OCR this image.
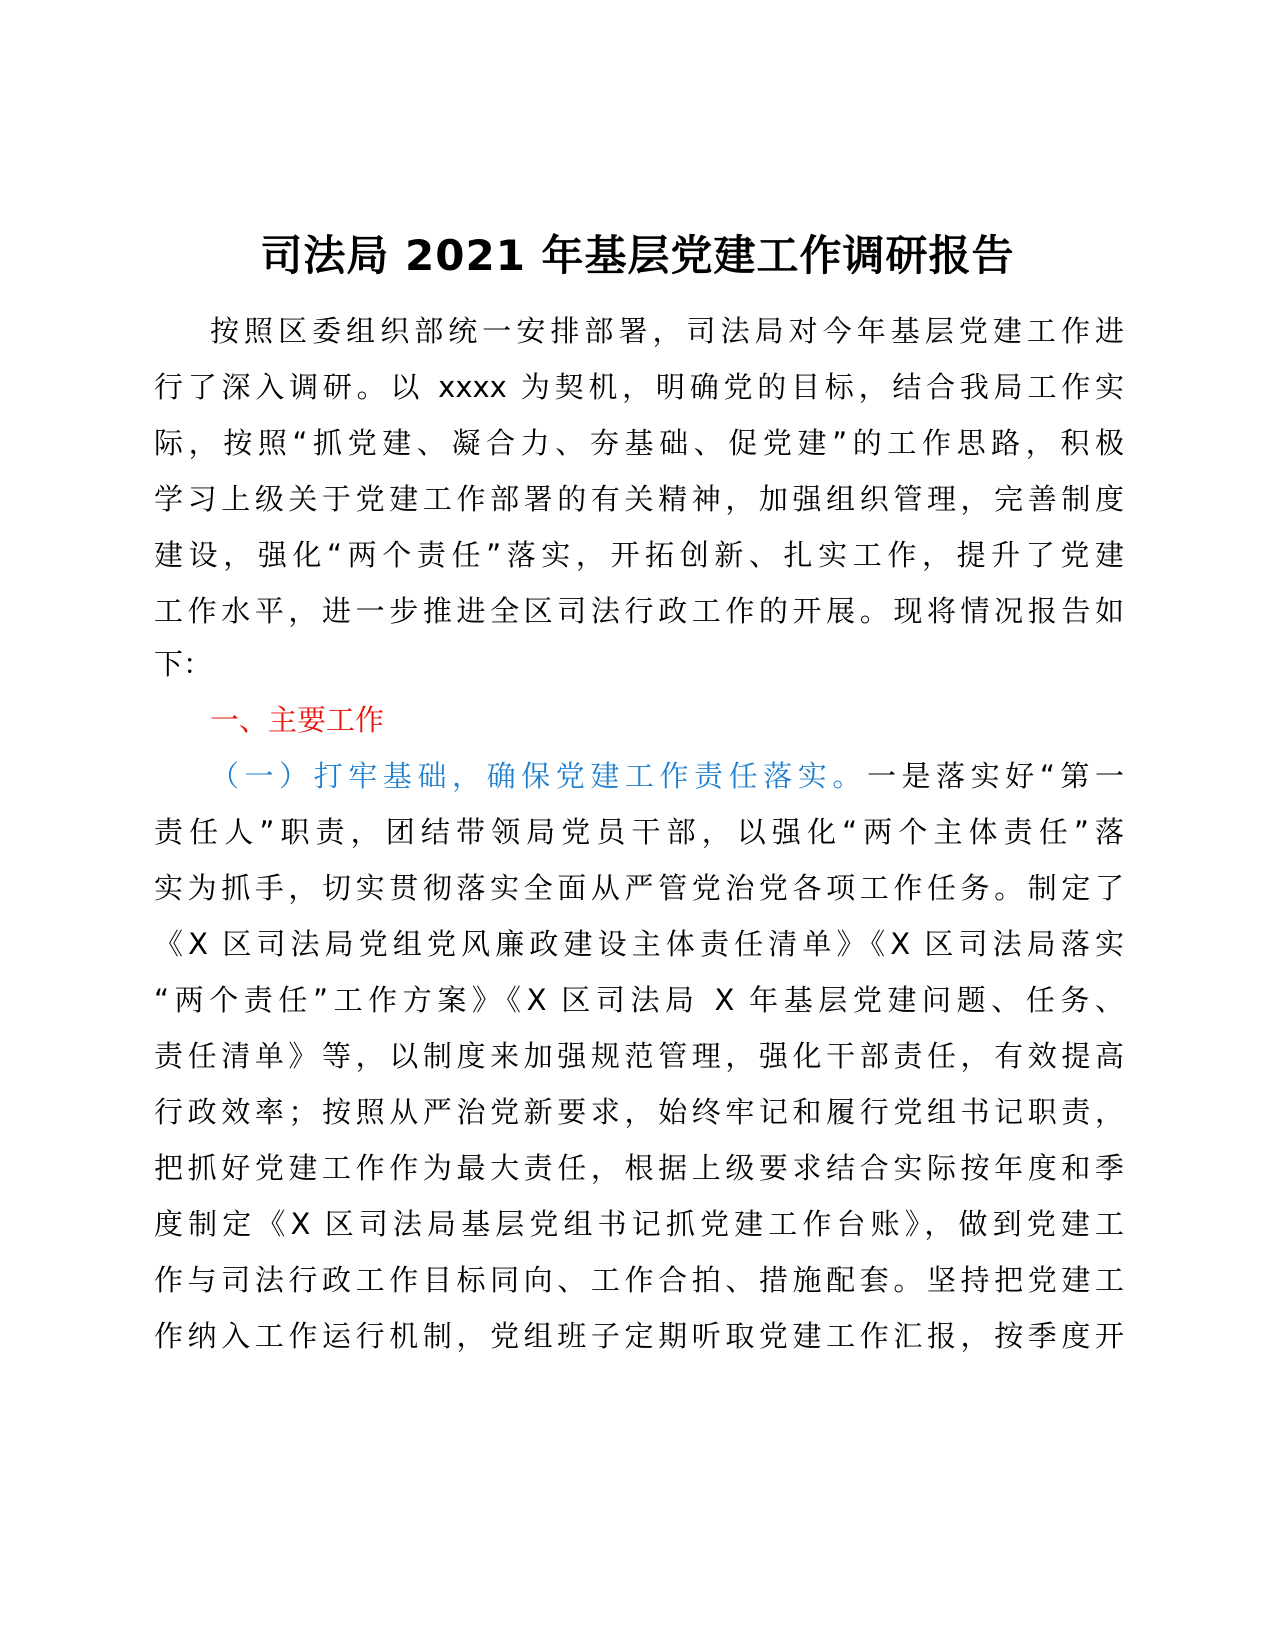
司法局 2021 年基层党建工作调研报告
按照区委组织部统一安排部署，司法局对今年基层党建工作进
行了深入调研。以 xxxx 为契机，明确党的目标，结合我局工作实
际，按照“抓党建、凝合力、夯基础、促党建”的工作思路，积极
学习上级关于党建工作部署的有关精神，加强组织管理，完善制度
建设，强化“两个责任”落实，开拓创新、扎实工作，提升了党建
工作水平，进一步推进全区司法行政工作的开展。现将情况报告如
下：
一、主要工作
（一）打牢基础，确保党建工作责任落实。一是落实好“第一
责任人”职责，团结带领局党员干部，以强化“两个主体责任”落
实为抓手，切实贯彻落实全面从严管党治党各项工作任务。制定了
《X 区司法局党组党风廉政建设主体责任清单》《X 区司法局落实
“两个责任”工作方案》《X 区司法局 X 年基层党建问题、任务、
责任清单》等，以制度来加强规范管理，强化干部责任，有效提高
行政效率；按照从严治党新要求，始终牢记和履行党组书记职责，
把抓好党建工作作为最大责任，根据上级要求结合实际按年度和季
度制定《X 区司法局基层党组书记抓党建工作台账》，做到党建工
作与司法行政工作目标同向、工作合拍、措施配套。坚持把党建工
作纳入工作运行机制，党组班子定期听取党建工作汇报，按季度开
